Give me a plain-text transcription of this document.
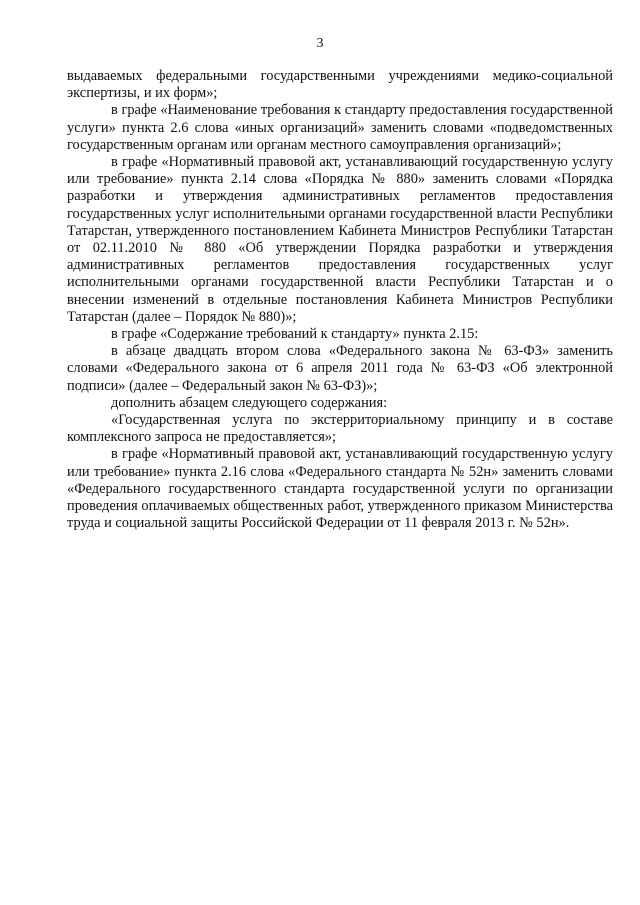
3

выдаваемых федеральными государственными учреждениями медико-социальной экспертизы, и их форм»;

в графе «Наименование требования к стандарту предоставления государственной услуги» пункта 2.6 слова «иных организаций» заменить словами «подведомственных государственным органам или органам местного самоуправления организаций»;

в графе «Нормативный правовой акт, устанавливающий государственную услугу или требование» пункта 2.14 слова «Порядка № 880» заменить словами «Порядка разработки и утверждения административных регламентов предоставления государственных услуг исполнительными органами государственной власти Республики Татарстан, утвержденного постановлением Кабинета Министров Республики Татарстан от 02.11.2010 № 880 «Об утверждении Порядка разработки и утверждения административных регламентов предоставления государственных услуг исполнительными органами государственной власти Республики Татарстан и о внесении изменений в отдельные постановления Кабинета Министров Республики Татарстан (далее – Порядок № 880)»;

в графе «Содержание требований к стандарту» пункта 2.15:

в абзаце двадцать втором слова «Федерального закона № 63-ФЗ» заменить словами «Федерального закона от 6 апреля 2011 года № 63-ФЗ «Об электронной подписи» (далее – Федеральный закон № 63-ФЗ)»;

дополнить абзацем следующего содержания:

«Государственная услуга по экстерриториальному принципу и в составе комплексного запроса не предоставляется»;

в графе «Нормативный правовой акт, устанавливающий государственную услугу или требование» пункта 2.16 слова «Федерального стандарта № 52н» заменить словами «Федерального государственного стандарта государственной услуги по организации проведения оплачиваемых общественных работ, утвержденного приказом Министерства труда и социальной защиты Российской Федерации от 11 февраля 2013 г. № 52н».
